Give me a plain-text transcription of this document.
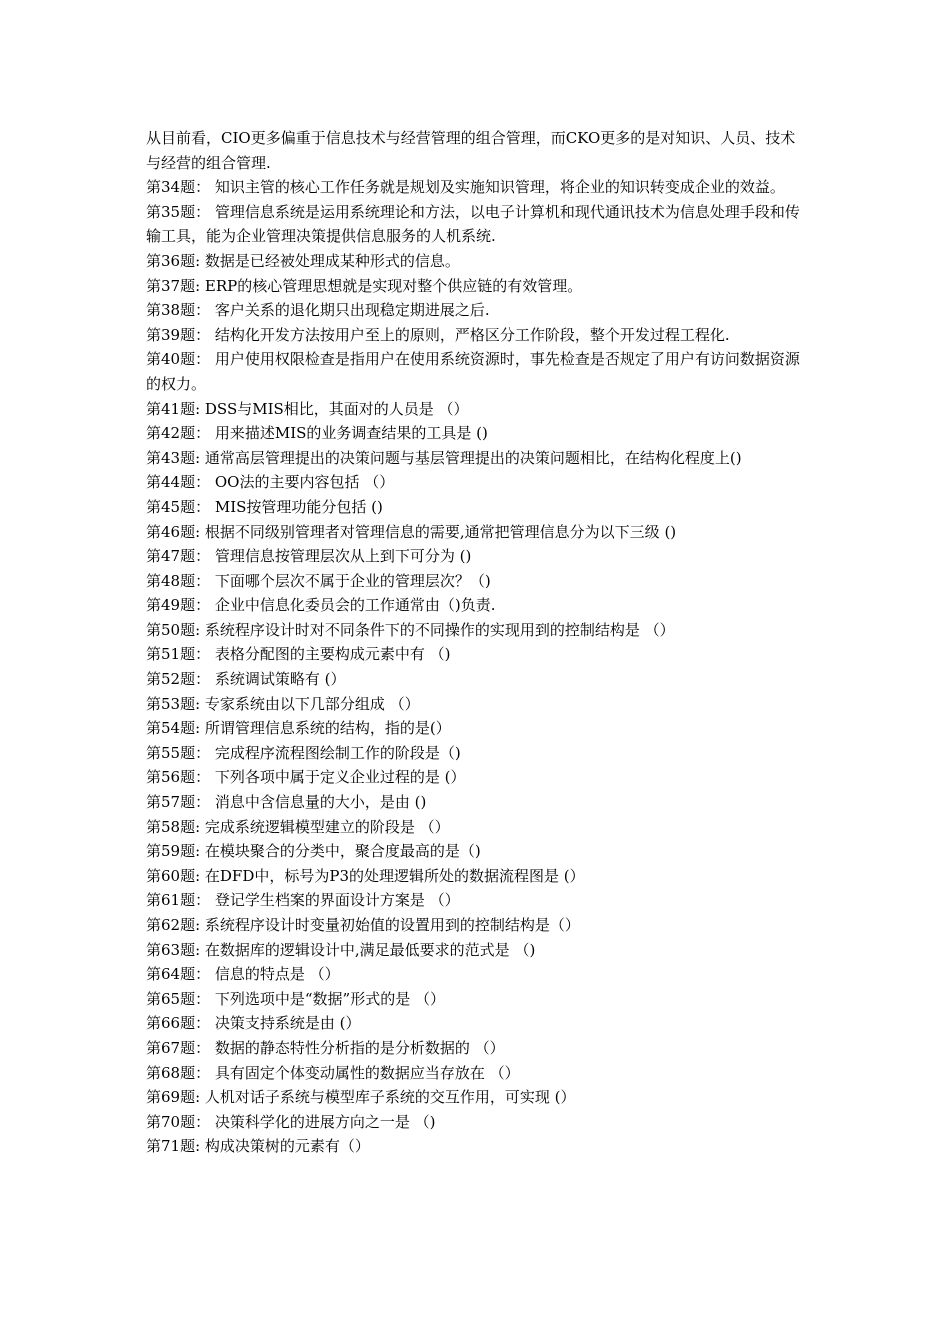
从目前看，CIO更多偏重于信息技术与经营管理的组合管理，而CKO更多的是对知识、人员、技术与经营的组合管理.

第34题： 知识主管的核心工作任务就是规划及实施知识管理，将企业的知识转变成企业的效益。

第35题： 管理信息系统是运用系统理论和方法，以电子计算机和现代通讯技术为信息处理手段和传输工具，能为企业管理决策提供信息服务的人机系统.

第36题: 数据是已经被处理成某种形式的信息。

第37题: ERP的核心管理思想就是实现对整个供应链的有效管理。

第38题： 客户关系的退化期只出现稳定期进展之后.

第39题： 结构化开发方法按用户至上的原则，严格区分工作阶段，整个开发过程工程化.

第40题： 用户使用权限检查是指用户在使用系统资源时，事先检查是否规定了用户有访问数据资源的权力。

第41题: DSS与MIS相比，其面对的人员是 （）

第42题： 用来描述MIS的业务调查结果的工具是 ()

第43题: 通常高层管理提出的决策问题与基层管理提出的决策问题相比，在结构化程度上()

第44题： OO法的主要内容包括 （）

第45题： MIS按管理功能分包括 ()

第46题: 根据不同级别管理者对管理信息的需要,通常把管理信息分为以下三级 ()

第47题： 管理信息按管理层次从上到下可分为 ()

第48题： 下面哪个层次不属于企业的管理层次？（)

第49题： 企业中信息化委员会的工作通常由（)负责.

第50题: 系统程序设计时对不同条件下的不同操作的实现用到的控制结构是 （）

第51题： 表格分配图的主要构成元素中有 （)

第52题： 系统调试策略有 (）

第53题: 专家系统由以下几部分组成 （）

第54题: 所谓管理信息系统的结构，指的是(）

第55题： 完成程序流程图绘制工作的阶段是（)

第56题： 下列各项中属于定义企业过程的是 (）

第57题： 消息中含信息量的大小，是由 ()

第58题: 完成系统逻辑模型建立的阶段是 （）

第59题: 在模块聚合的分类中，聚合度最高的是（)

第60题: 在DFD中，标号为P3的处理逻辑所处的数据流程图是 (）

第61题： 登记学生档案的界面设计方案是 （）

第62题: 系统程序设计时变量初始值的设置用到的控制结构是（）

第63题: 在数据库的逻辑设计中,满足最低要求的范式是 （)

第64题： 信息的特点是 （）

第65题： 下列选项中是“数据”形式的是 （）

第66题： 决策支持系统是由 (）

第67题： 数据的静态特性分析指的是分析数据的 （）

第68题： 具有固定个体变动属性的数据应当存放在 （）

第69题: 人机对话子系统与模型库子系统的交互作用，可实现 (）

第70题： 决策科学化的进展方向之一是 （)

第71题: 构成决策树的元素有（）
